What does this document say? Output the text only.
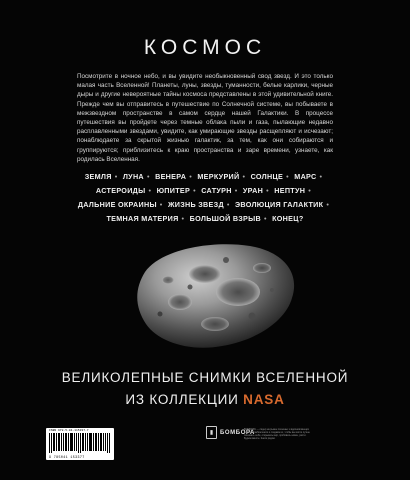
КОСМОС
Посмотрите в ночное небо, и вы увидите необыкновенный свод звезд. И это только малая часть Вселенной! Планеты, луны, звезды, туманности, белые карлики, черные дыры и другие невероятные тайны космоса представлены в этой удивительной книге. Прежде чем вы отправитесь в путешествие по Солнечной системе, вы побываете в межзвездном пространстве в самом сердце нашей Галактики. В процессе путешествия вы пройдете через темные облака пыли и газа, пылающие недавно расплавленными звездами, увидите, как умирающие звезды расщепляют и исчезают; понаблюдаете за скрытой жизнью галактик, за тем, как они собираются и группируются; приблизитесь к краю пространства и заре времени, узнаете, как родилась Вселенная.
ЗЕМЛЯ • ЛУНА • ВЕНЕРА • МЕРКУРИЙ • СОЛНЦЕ • МАРС • АСТЕРОИДЫ • ЮПИТЕР • САТУРН • УРАН • НЕПТУН • ДАЛЬНИЕ ОКРАИНЫ • ЖИЗНЬ ЗВЕЗД • ЭВОЛЮЦИЯ ГАЛАКТИК • ТЕМНАЯ МАТЕРИЯ • БОЛЬШОЙ ВЗРЫВ • КОНЕЦ?
ВЕЛИКОЛЕПНЫЕ СНИМКИ ВСЕЛЕННОЙ
ИЗ КОЛЛЕКЦИИ NASA
ISBN 978-5-04-115337-7
9 785041 153377
▮	БОМБОРА
БОМБОРА — лидер на рынке полезных и вдохновляющих книг. Мы любим книги и создаём их, чтобы вы могли лучше понимать себя, открывать мир, пробовать новое, расти. Будем вместе. Книги рядом.
